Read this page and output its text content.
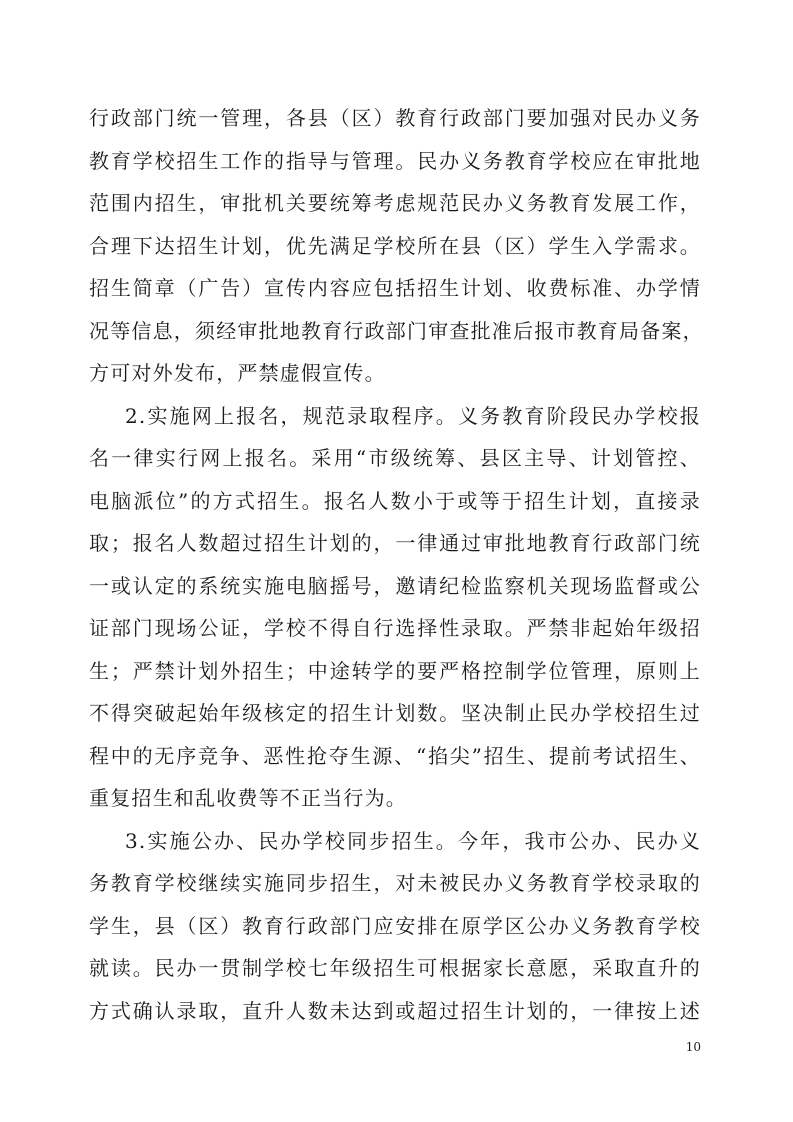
行政部门统一管理，各县（区）教育行政部门要加强对民办义务
教育学校招生工作的指导与管理。民办义务教育学校应在审批地
范围内招生，审批机关要统筹考虑规范民办义务教育发展工作，
合理下达招生计划，优先满足学校所在县（区）学生入学需求。
招生简章（广告）宣传内容应包括招生计划、收费标准、办学情
况等信息，须经审批地教育行政部门审查批准后报市教育局备案，
方可对外发布，严禁虚假宣传。
2.实施网上报名，规范录取程序。义务教育阶段民办学校报
名一律实行网上报名。采用“市级统筹、县区主导、计划管控、
电脑派位”的方式招生。报名人数小于或等于招生计划，直接录
取；报名人数超过招生计划的，一律通过审批地教育行政部门统
一或认定的系统实施电脑摇号，邀请纪检监察机关现场监督或公
证部门现场公证，学校不得自行选择性录取。严禁非起始年级招
生；严禁计划外招生；中途转学的要严格控制学位管理，原则上
不得突破起始年级核定的招生计划数。坚决制止民办学校招生过
程中的无序竞争、恶性抢夺生源、“掐尖”招生、提前考试招生、
重复招生和乱收费等不正当行为。
3.实施公办、民办学校同步招生。今年，我市公办、民办义
务教育学校继续实施同步招生，对未被民办义务教育学校录取的
学生，县（区）教育行政部门应安排在原学区公办义务教育学校
就读。民办一贯制学校七年级招生可根据家长意愿，采取直升的
方式确认录取，直升人数未达到或超过招生计划的，一律按上述
10
